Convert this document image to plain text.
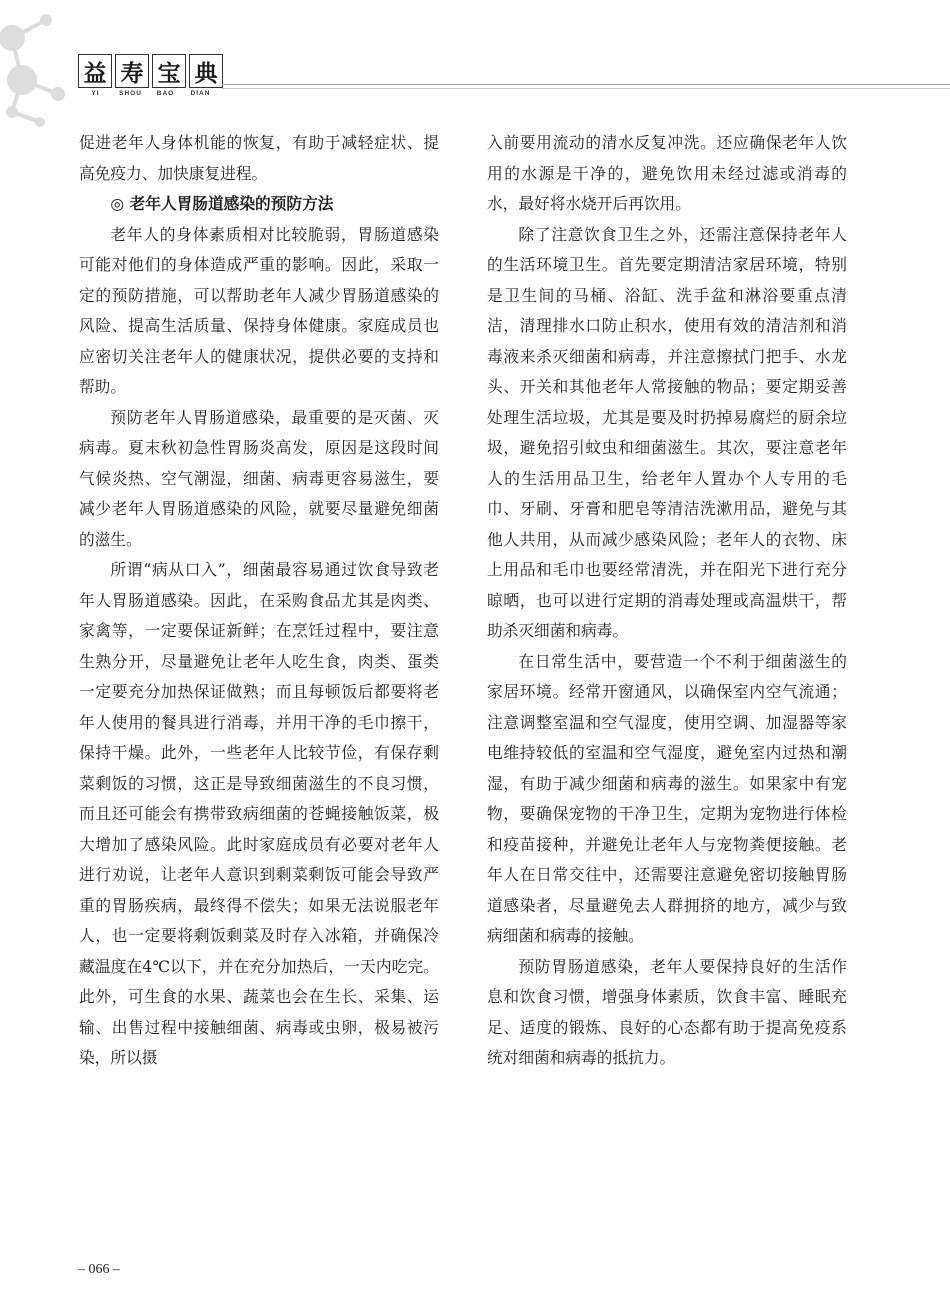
益 寿 宝 典
YI	SHOU	BAO	DIAN

促进老年人身体机能的恢复，有助于减轻症状、提高免疫力、加快康复进程。

◎ 老年人胃肠道感染的预防方法

老年人的身体素质相对比较脆弱，胃肠道感染可能对他们的身体造成严重的影响。因此，采取一定的预防措施，可以帮助老年人减少胃肠道感染的风险、提高生活质量、保持身体健康。家庭成员也应密切关注老年人的健康状况，提供必要的支持和帮助。

预防老年人胃肠道感染，最重要的是灭菌、灭病毒。夏末秋初急性胃肠炎高发，原因是这段时间气候炎热、空气潮湿，细菌、病毒更容易滋生，要减少老年人胃肠道感染的风险，就要尽量避免细菌的滋生。

所谓“病从口入”，细菌最容易通过饮食导致老年人胃肠道感染。因此，在采购食品尤其是肉类、家禽等，一定要保证新鲜；在烹饪过程中，要注意生熟分开，尽量避免让老年人吃生食，肉类、蛋类一定要充分加热保证做熟；而且每顿饭后都要将老年人使用的餐具进行消毒，并用干净的毛巾擦干，保持干燥。此外，一些老年人比较节俭，有保存剩菜剩饭的习惯，这正是导致细菌滋生的不良习惯，而且还可能会有携带致病细菌的苍蝇接触饭菜，极大增加了感染风险。此时家庭成员有必要对老年人进行劝说，让老年人意识到剩菜剩饭可能会导致严重的胃肠疾病，最终得不偿失；如果无法说服老年人，也一定要将剩饭剩菜及时存入冰箱，并确保冷藏温度在4℃以下，并在充分加热后，一天内吃完。此外，可生食的水果、蔬菜也会在生长、采集、运输、出售过程中接触细菌、病毒或虫卵，极易被污染，所以摄

入前要用流动的清水反复冲洗。还应确保老年人饮用的水源是干净的，避免饮用未经过滤或消毒的水，最好将水烧开后再饮用。

除了注意饮食卫生之外，还需注意保持老年人的生活环境卫生。首先要定期清洁家居环境，特别是卫生间的马桶、浴缸、洗手盆和淋浴要重点清洁，清理排水口防止积水，使用有效的清洁剂和消毒液来杀灭细菌和病毒，并注意擦拭门把手、水龙头、开关和其他老年人常接触的物品；要定期妥善处理生活垃圾，尤其是要及时扔掉易腐烂的厨余垃圾，避免招引蚊虫和细菌滋生。其次，要注意老年人的生活用品卫生，给老年人置办个人专用的毛巾、牙刷、牙膏和肥皂等清洁洗漱用品，避免与其他人共用，从而减少感染风险；老年人的衣物、床上用品和毛巾也要经常清洗，并在阳光下进行充分晾晒，也可以进行定期的消毒处理或高温烘干，帮助杀灭细菌和病毒。

在日常生活中，要营造一个不利于细菌滋生的家居环境。经常开窗通风，以确保室内空气流通；注意调整室温和空气湿度，使用空调、加湿器等家电维持较低的室温和空气湿度，避免室内过热和潮湿，有助于减少细菌和病毒的滋生。如果家中有宠物，要确保宠物的干净卫生，定期为宠物进行体检和疫苗接种，并避免让老年人与宠物粪便接触。老年人在日常交往中，还需要注意避免密切接触胃肠道感染者，尽量避免去人群拥挤的地方，减少与致病细菌和病毒的接触。

预防胃肠道感染，老年人要保持良好的生活作息和饮食习惯，增强身体素质，饮食丰富、睡眠充足、适度的锻炼、良好的心态都有助于提高免疫系统对细菌和病毒的抵抗力。

– 066 –
